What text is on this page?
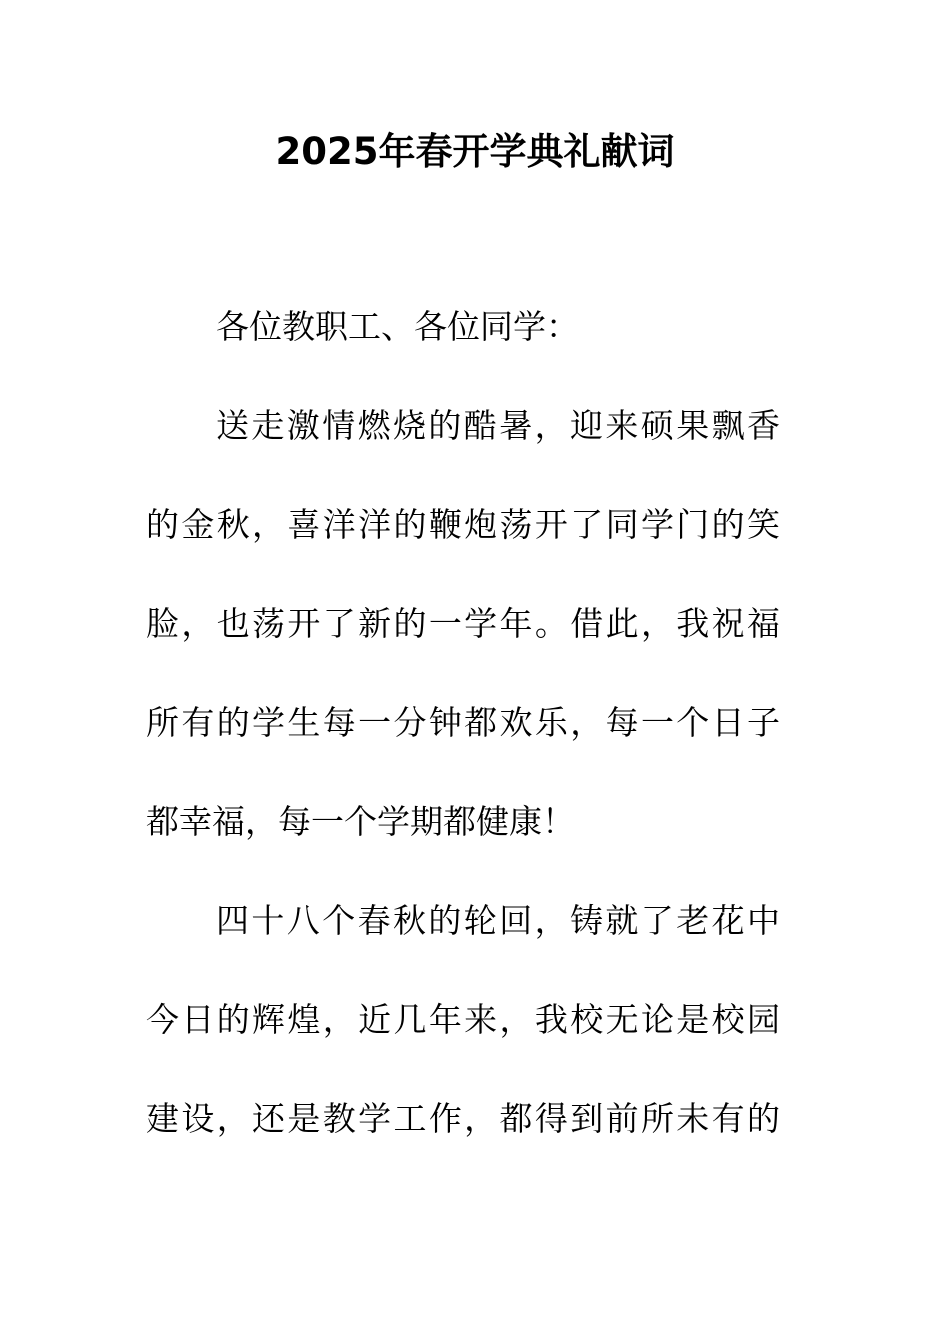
2025年春开学典礼献词
各位教职工、各位同学：
送走激情燃烧的酷暑，迎来硕果飘香
的金秋，喜洋洋的鞭炮荡开了同学门的笑
脸，也荡开了新的一学年。借此，我祝福
所有的学生每一分钟都欢乐，每一个日子
都幸福，每一个学期都健康！
四十八个春秋的轮回，铸就了老花中
今日的辉煌，近几年来，我校无论是校园
建设，还是教学工作，都得到前所未有的
